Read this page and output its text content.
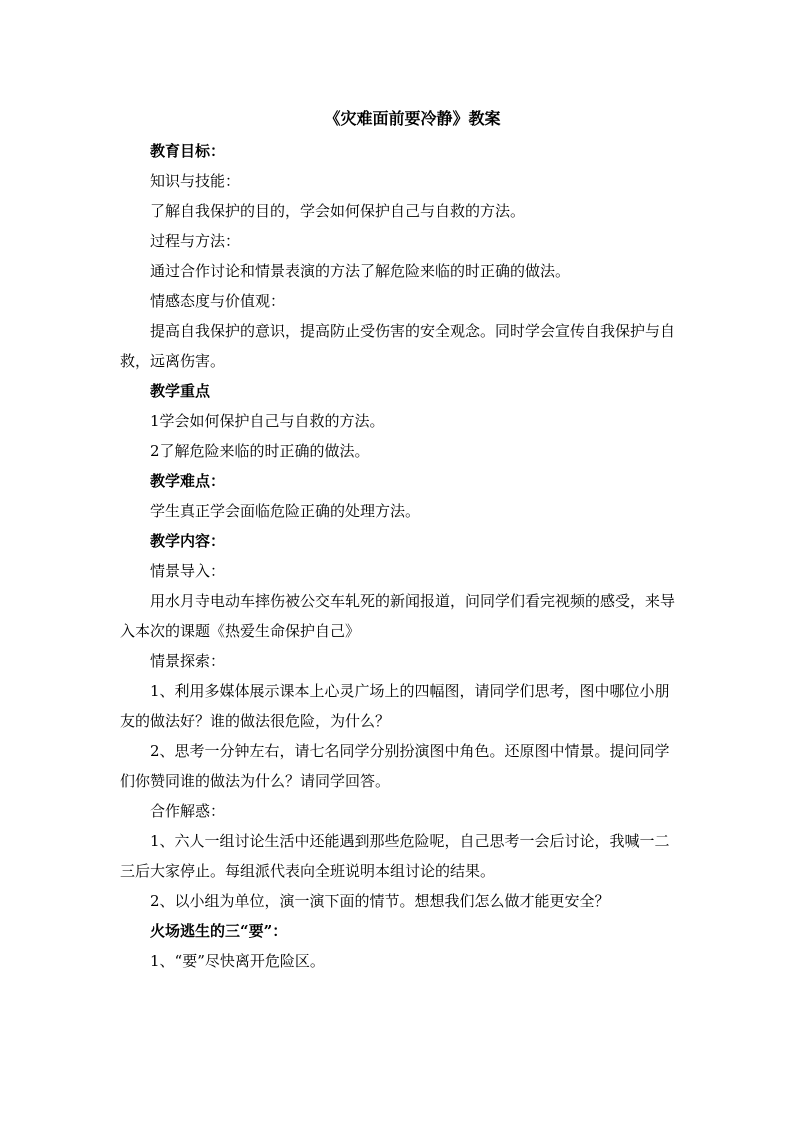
《灾难面前要冷静》教案

教育目标：

知识与技能：

了解自我保护的目的，学会如何保护自己与自救的方法。

过程与方法：

通过合作讨论和情景表演的方法了解危险来临的时正确的做法。

情感态度与价值观：

提高自我保护的意识，提高防止受伤害的安全观念。同时学会宣传自我保护与自救，远离伤害。

教学重点

1学会如何保护自己与自救的方法。

2了解危险来临的时正确的做法。

教学难点：

学生真正学会面临危险正确的处理方法。

教学内容：

情景导入：

用水月寺电动车摔伤被公交车轧死的新闻报道，问同学们看完视频的感受，来导入本次的课题《热爱生命保护自己》

情景探索：

1、利用多媒体展示课本上心灵广场上的四幅图，请同学们思考，图中哪位小朋友的做法好？谁的做法很危险，为什么？

2、思考一分钟左右，请七名同学分别扮演图中角色。还原图中情景。提问同学们你赞同谁的做法为什么？请同学回答。

合作解惑：

1、六人一组讨论生活中还能遇到那些危险呢，自己思考一会后讨论，我喊一二三后大家停止。每组派代表向全班说明本组讨论的结果。

2、以小组为单位，演一演下面的情节。想想我们怎么做才能更安全？

火场逃生的三“要”：

1、“要”尽快离开危险区。
